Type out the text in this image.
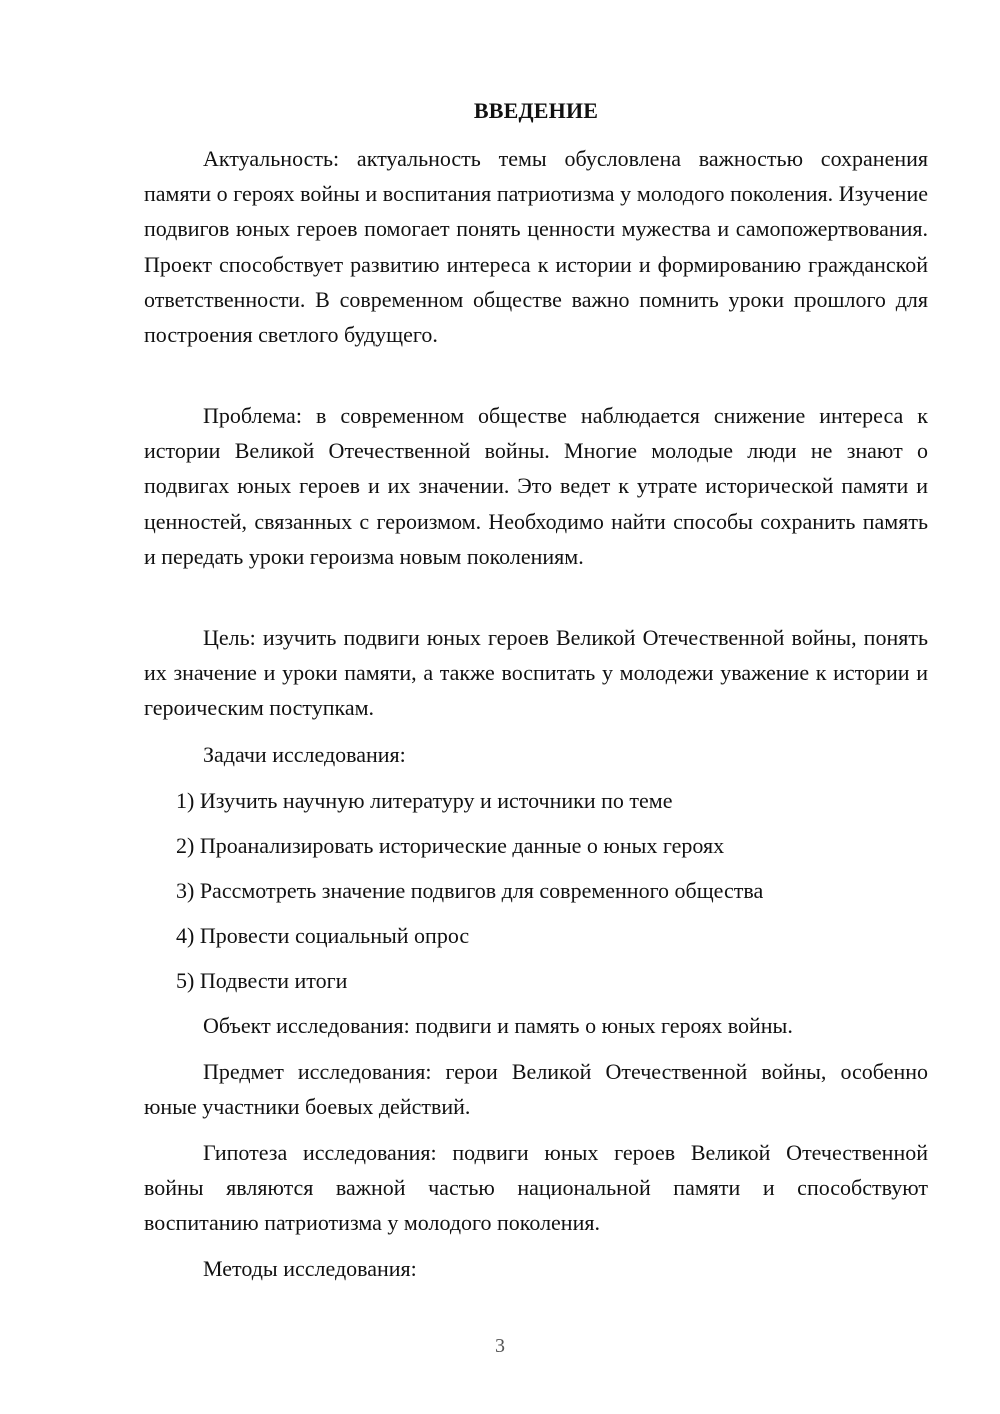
ВВЕДЕНИЕ

Актуальность: актуальность темы обусловлена важностью сохранения памяти о героях войны и воспитания патриотизма у молодого поколения. Изучение подвигов юных героев помогает понять ценности мужества и самопожертвования. Проект способствует развитию интереса к истории и формированию гражданской ответственности. В современном обществе важно помнить уроки прошлого для построения светлого будущего.

Проблема: в современном обществе наблюдается снижение интереса к истории Великой Отечественной войны. Многие молодые люди не знают о подвигах юных героев и их значении. Это ведет к утрате исторической памяти и ценностей, связанных с героизмом. Необходимо найти способы сохранить память и передать уроки героизма новым поколениям.

Цель: изучить подвиги юных героев Великой Отечественной войны, понять их значение и уроки памяти, а также воспитать у молодежи уважение к истории и героическим поступкам.

Задачи исследования:

1) Изучить научную литературу и источники по теме

2) Проанализировать исторические данные о юных героях

3) Рассмотреть значение подвигов для современного общества

4) Провести социальный опрос

5) Подвести итоги

Объект исследования: подвиги и память о юных героях войны.

Предмет исследования: герои Великой Отечественной войны, особенно юные участники боевых действий.

Гипотеза исследования: подвиги юных героев Великой Отечественной войны являются важной частью национальной памяти и способствуют воспитанию патриотизма у молодого поколения.

Методы исследования:

3
